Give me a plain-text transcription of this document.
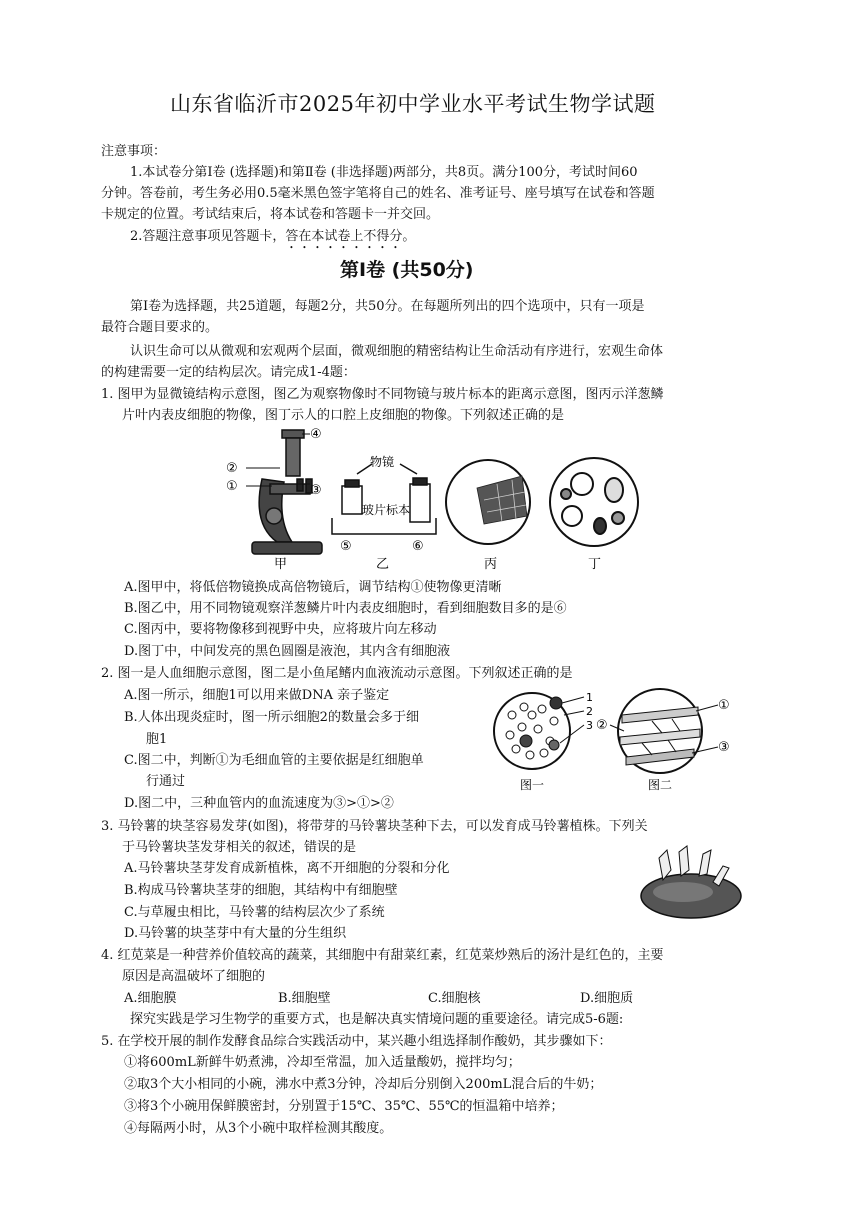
山东省临沂市2025年初中学业水平考试生物学试题
注意事项：
1.本试卷分第Ⅰ卷 (选择题)和第Ⅱ卷 (非选择题)两部分，共8页。满分100分，考试时间60
分钟。答卷前，考生务必用0.5毫米黑色签字笔将自己的姓名、准考证号、座号填写在试卷和答题
卡规定的位置。考试结束后，将本试卷和答题卡一并交回。
2.答题注意事项见答题卡，答在本试卷上不得分。
第Ⅰ卷 (共50分)
第Ⅰ卷为选择题，共25道题，每题2分，共50分。在每题所列出的四个选项中，只有一项是
最符合题目要求的。
认识生命可以从微观和宏观两个层面，微观细胞的精密结构让生命活动有序进行，宏观生命体
的构建需要一定的结构层次。请完成1-4题：
1. 图甲为显微镜结构示意图，图乙为观察物像时不同物镜与玻片标本的距离示意图，图丙示洋葱鳞
片叶内表皮细胞的物像，图丁示人的口腔上皮细胞的物像。下列叙述正确的是
②
①	③
④
甲
物镜
玻片标本
⑤	⑥
乙	丙	丁
A.图甲中，将低倍物镜换成高倍物镜后，调节结构①使物像更清晰
B.图乙中，用不同物镜观察洋葱鳞片叶内表皮细胞时，看到细胞数目多的是⑥
C.图丙中，要将物像移到视野中央，应将玻片向左移动
D.图丁中，中间发亮的黑色圆圈是液泡，其内含有细胞液
2. 图一是人血细胞示意图，图二是小鱼尾鳍内血液流动示意图。下列叙述正确的是
A.图一所示，细胞1可以用来做DNA 亲子鉴定
B.人体出现炎症时，图一所示细胞2的数量会多于细
胞1
C.图二中，判断①为毛细血管的主要依据是红细胞单
行通过
D.图二中，三种血管内的血流速度为③>①>②
1
2
3
图一
①
②
③
图二
3. 马铃薯的块茎容易发芽(如图)，将带芽的马铃薯块茎种下去，可以发育成马铃薯植株。下列关
于马铃薯块茎发芽相关的叙述，错误的是
A.马铃薯块茎芽发育成新植株，离不开细胞的分裂和分化
B.构成马铃薯块茎芽的细胞，其结构中有细胞壁
C.与草履虫相比，马铃薯的结构层次少了系统
D.马铃薯的块茎芽中有大量的分生组织
4. 红苋菜是一种营养价值较高的蔬菜，其细胞中有甜菜红素，红苋菜炒熟后的汤汁是红色的，主要
原因是高温破坏了细胞的
A.细胞膜	B.细胞壁	C.细胞核	D.细胞质
探究实践是学习生物学的重要方式，也是解决真实情境问题的重要途径。请完成5-6题:
5. 在学校开展的制作发酵食品综合实践活动中，某兴趣小组选择制作酸奶，其步骤如下：
①将600mL新鲜牛奶煮沸，冷却至常温，加入适量酸奶，搅拌均匀；
②取3个大小相同的小碗，沸水中煮3分钟，冷却后分别倒入200mL混合后的牛奶；
③将3个小碗用保鲜膜密封，分别置于15℃、35℃、55℃的恒温箱中培养；
④每隔两小时，从3个小碗中取样检测其酸度。
